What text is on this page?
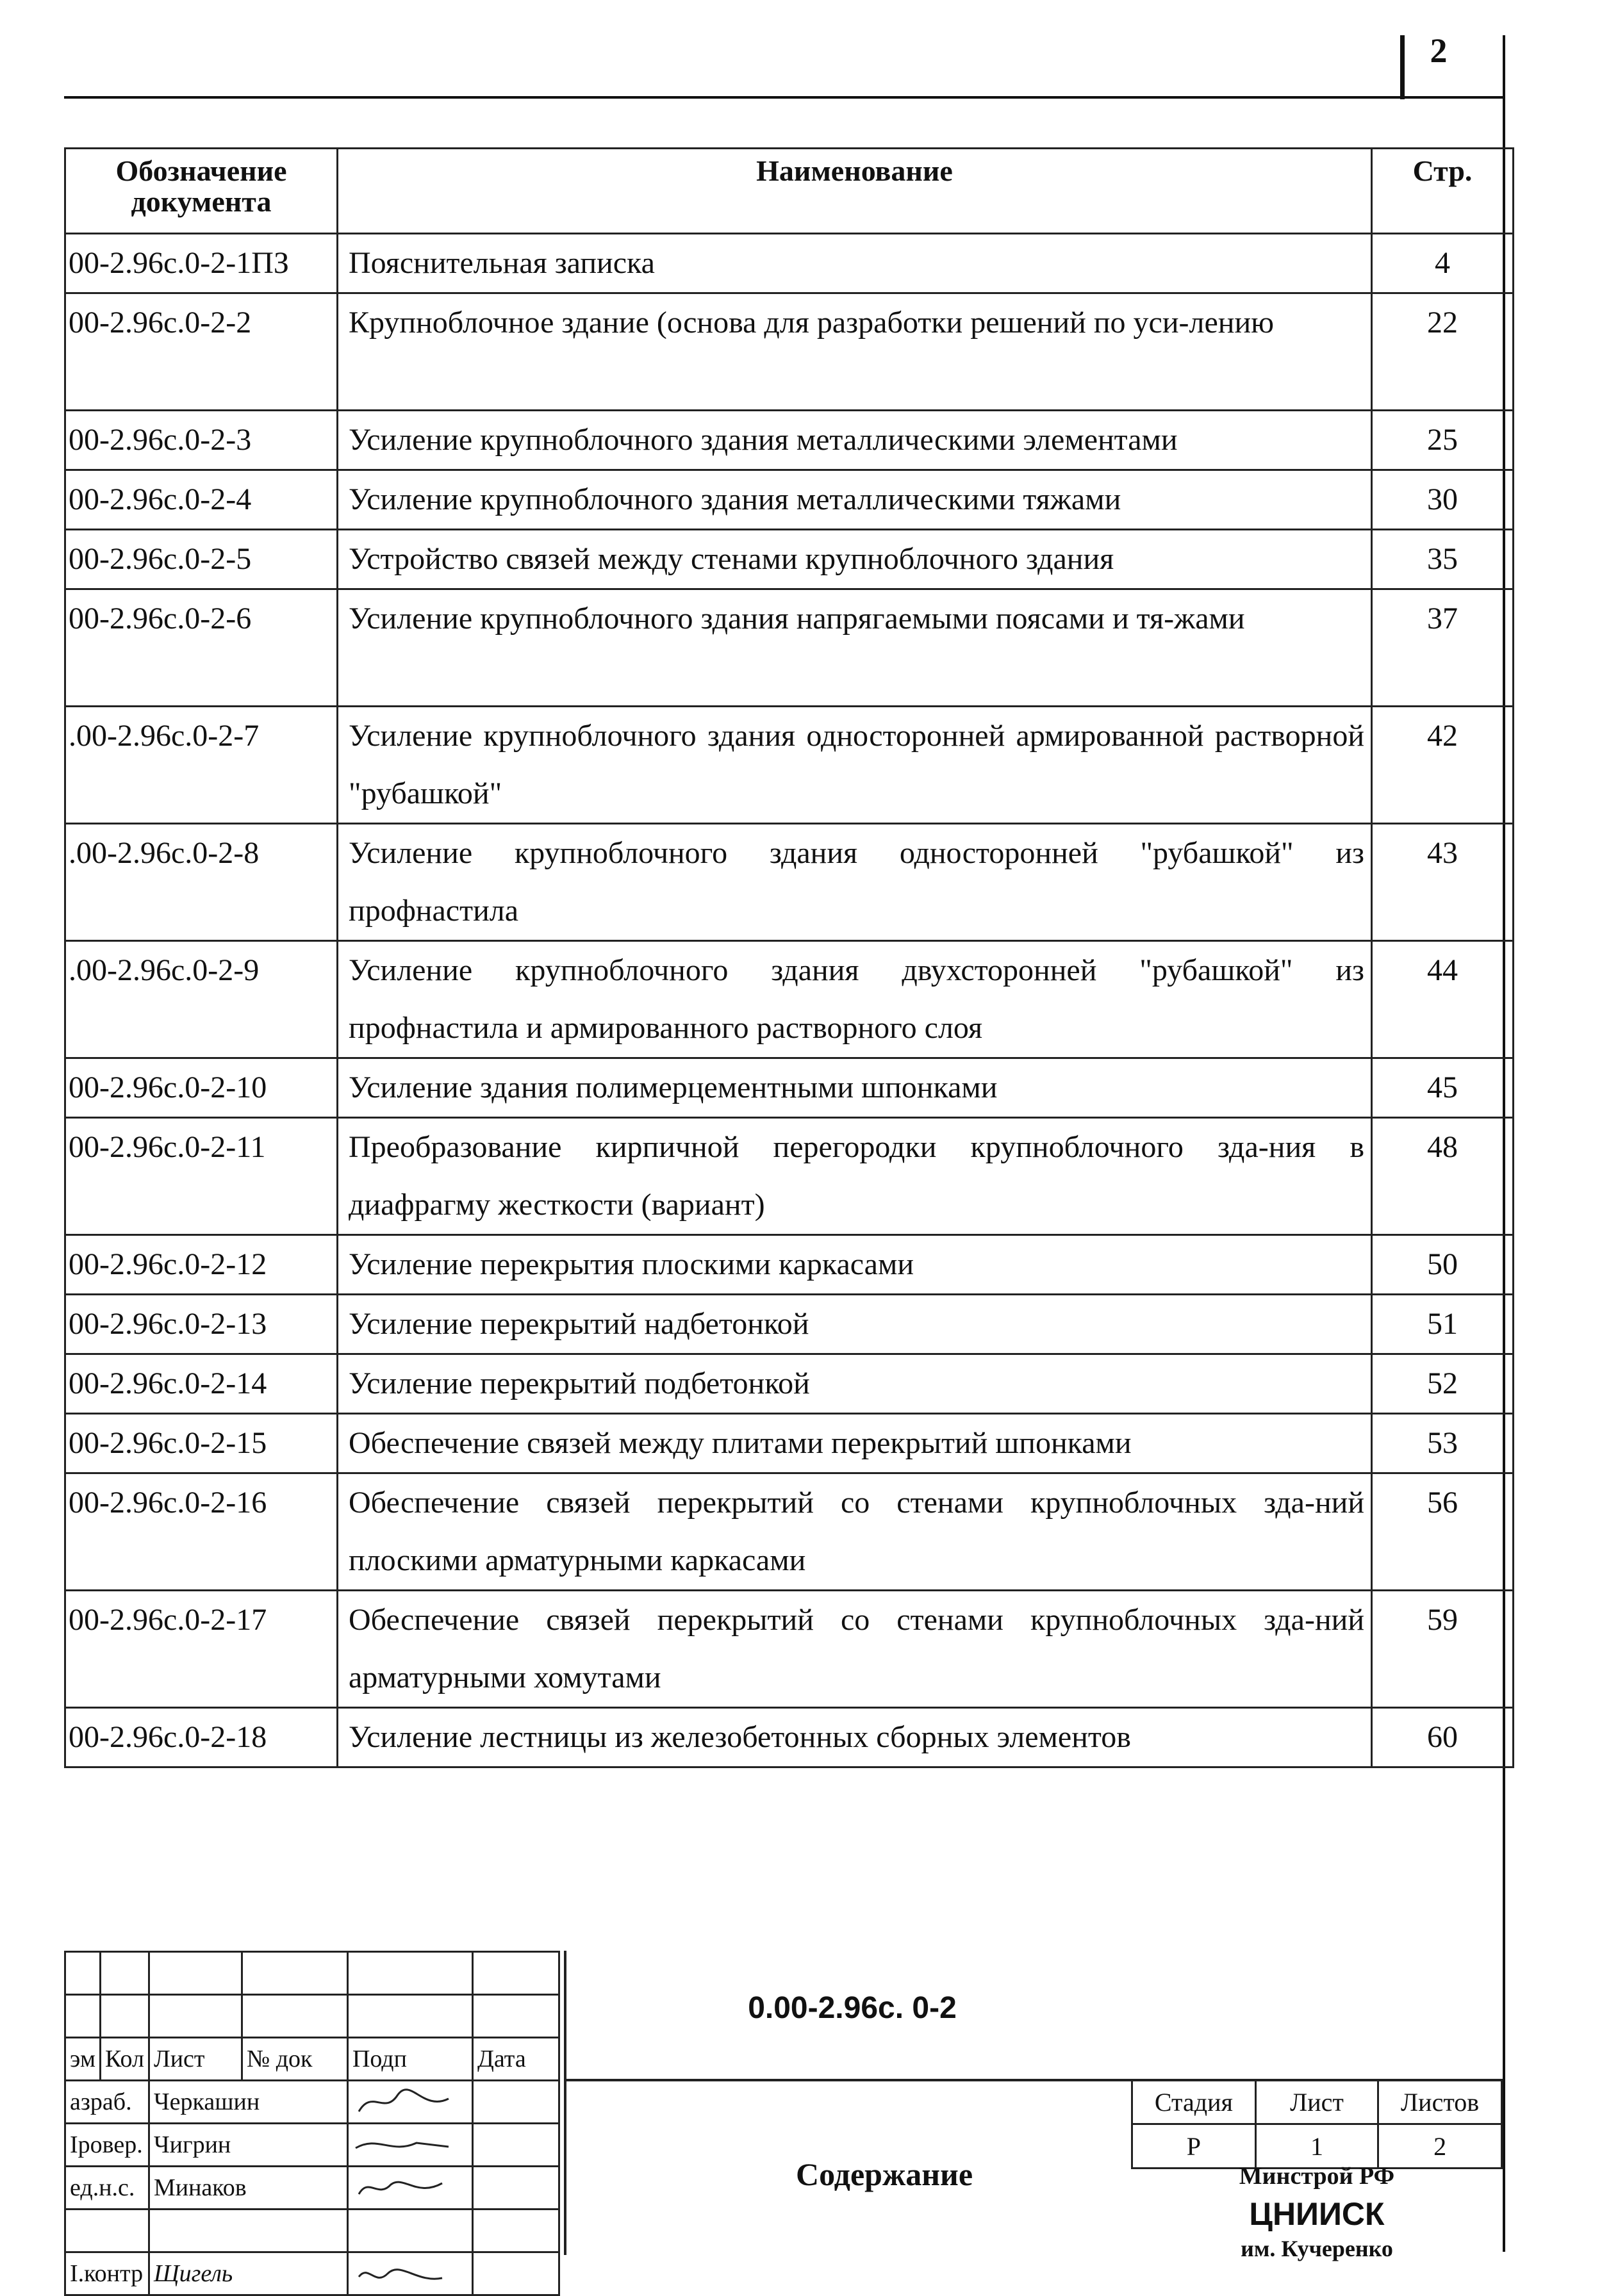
2
Обозначение документа	Наименование	Стр.
00-2.96с.0-2-1ПЗ	Пояснительная записка	4
00-2.96с.0-2-2	Крупноблочное здание (основа для разработки решений по уси-лению	22
00-2.96с.0-2-3	Усиление крупноблочного здания металлическими элементами	25
00-2.96с.0-2-4	Усиление крупноблочного здания металлическими тяжами	30
00-2.96с.0-2-5	Устройство связей между стенами крупноблочного здания	35
00-2.96с.0-2-6	Усиление крупноблочного здания напрягаемыми поясами и тя-жами	37
.00-2.96с.0-2-7	Усиление крупноблочного здания односторонней армированной растворной "рубашкой"	42
.00-2.96с.0-2-8	Усиление крупноблочного здания односторонней "рубашкой" из профнастила	43
.00-2.96с.0-2-9	Усиление крупноблочного здания двухсторонней "рубашкой" из профнастила и армированного растворного слоя	44
00-2.96с.0-2-10	Усиление здания полимерцементными шпонками	45
00-2.96с.0-2-11	Преобразование кирпичной перегородки крупноблочного зда-ния в диафрагму жесткости (вариант)	48
00-2.96с.0-2-12	Усиление перекрытия плоскими каркасами	50
00-2.96с.0-2-13	Усиление перекрытий надбетонкой	51
00-2.96с.0-2-14	Усиление перекрытий подбетонкой	52
00-2.96с.0-2-15	Обеспечение связей между плитами перекрытий шпонками	53
00-2.96с.0-2-16	Обеспечение связей перекрытий со стенами крупноблочных зда-ний плоскими арматурными каркасами	56
00-2.96с.0-2-17	Обеспечение связей перекрытий со стенами крупноблочных зда-ний арматурными хомутами	59
00-2.96с.0-2-18	Усиление лестницы из железобетонных сборных элементов	60

эм	Кол	Лист	№ док	Подп	Дата
азраб.		Черкашин	

Iровер.		Чигрин	

ед.н.с.		Минаков	

I.контр		Щигель	

0.00-2.96с. 0-2
Содержание
Стадия	Лист	Листов
Р	1	2
Минстрой РФ
ЦНИИСК
им. Кучеренко
